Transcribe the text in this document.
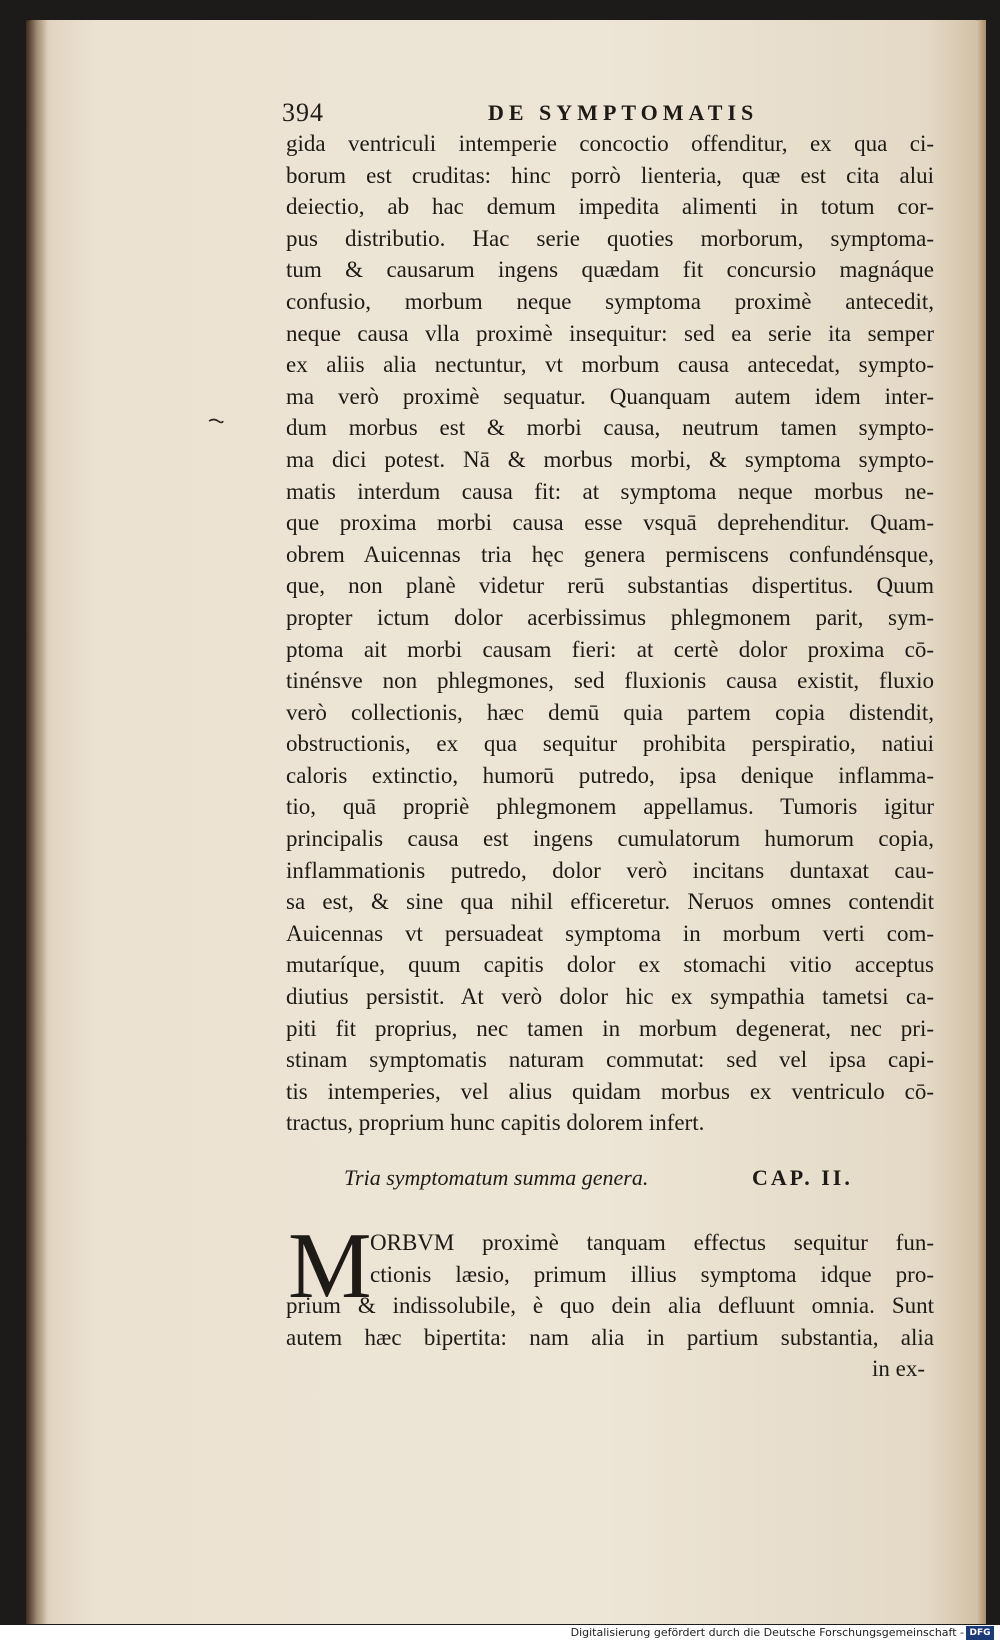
394	DE SYMPTOMATIS
gida ventriculi intemperie concoctio offenditur, ex qua ci-
borum est cruditas: hinc porrò lienteria, quæ est cita alui
deiectio, ab hac demum impedita alimenti in totum cor-
pus distributio. Hac serie quoties morborum, symptoma-
tum & causarum ingens quædam fit concursio magnáque
confusio, morbum neque symptoma proximè antecedit,
neque causa vlla proximè insequitur: sed ea serie ita semper
ex aliis alia nectuntur, vt morbum causa antecedat, sympto-
ma verò proximè sequatur. Quanquam autem idem inter-
dum morbus est & morbi causa, neutrum tamen sympto-
ma dici potest. Nā & morbus morbi, & symptoma sympto-
matis interdum causa fit: at symptoma neque morbus ne-
que proxima morbi causa esse vsquā deprehenditur. Quam-
obrem Auicennas tria hęc genera permiscens confundénsque,
que, non planè videtur rerū substantias dispertitus. Quum
propter ictum dolor acerbissimus phlegmonem parit, sym-
ptoma ait morbi causam fieri: at certè dolor proxima cō-
tinénsve non phlegmones, sed fluxionis causa existit, fluxio
verò collectionis, hæc demū quia partem copia distendit,
obstructionis, ex qua sequitur prohibita perspiratio, natiui
caloris extinctio, humorū putredo, ipsa denique inflamma-
tio, quā propriè phlegmonem appellamus. Tumoris igitur
principalis causa est ingens cumulatorum humorum copia,
inflammationis putredo, dolor verò incitans duntaxat cau-
sa est, & sine qua nihil efficeretur. Neruos omnes contendit
Auicennas vt persuadeat symptoma in morbum verti com-
mutaríque, quum capitis dolor ex stomachi vitio acceptus
diutius persistit. At verò dolor hic ex sympathia tametsi ca-
piti fit proprius, nec tamen in morbum degenerat, nec pri-
stinam symptomatis naturam commutat: sed vel ipsa capi-
tis intemperies, vel alius quidam morbus ex ventriculo cō-
tractus, proprium hunc capitis dolorem infert.
Tria symptomatum summa genera.	CAP. II.
M
ORBVM proximè tanquam effectus sequitur fun-
ctionis læsio, primum illius symptoma idque pro-
prium & indissolubile, è quo dein alia defluunt omnia. Sunt
autem hæc bipertita: nam alia in partium substantia, alia
in ex-
Digitalisierung gefördert durch die Deutsche Forschungsgemeinschaft - DFG
